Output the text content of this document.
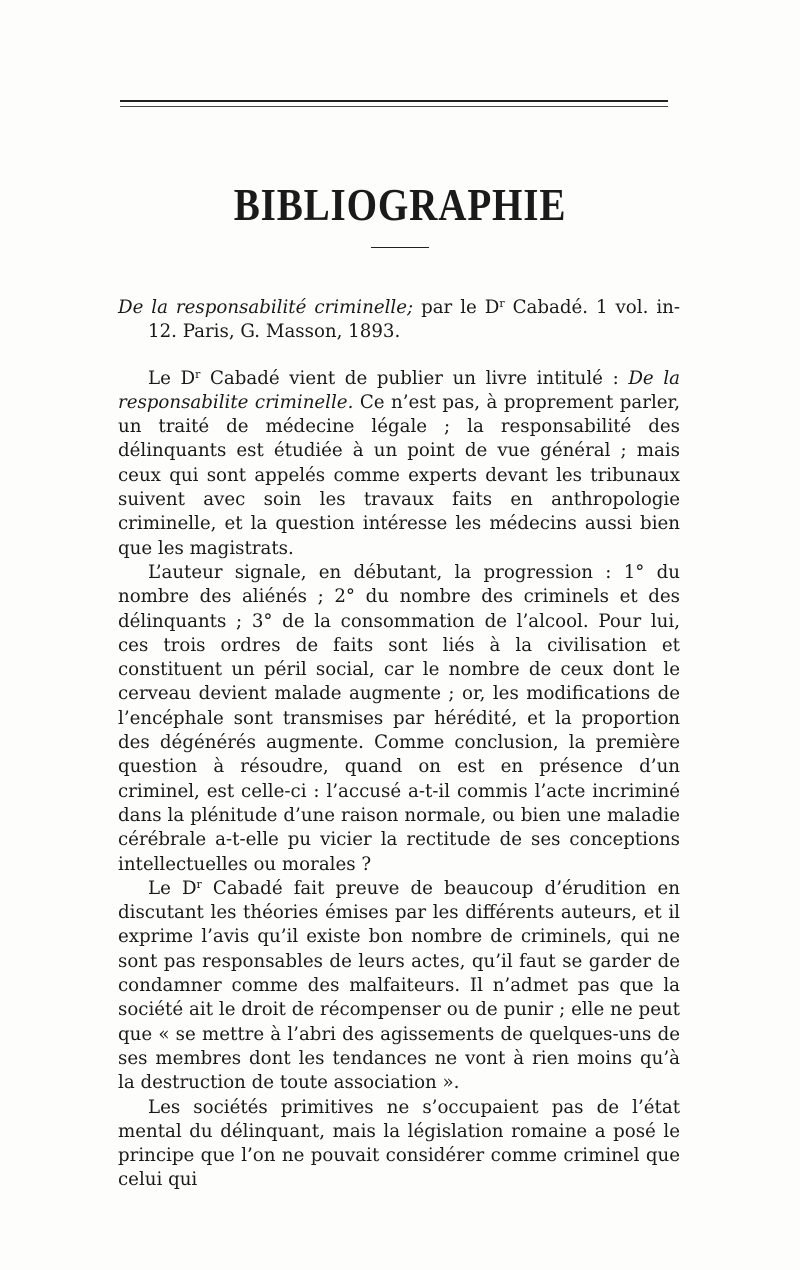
BIBLIOGRAPHIE

De la responsabilité criminelle; par le $D^r$ Cabadé. 1 vol. in-12. Paris, G. Masson, 1893.

Le $D^r$ Cabadé vient de publier un livre intitulé : De la responsabilite criminelle. Ce n’est pas, à proprement parler, un traité de médecine légale ; la responsabilité des délinquants est étudiée à un point de vue général ; mais ceux qui sont appelés comme experts devant les tribunaux suivent avec soin les travaux faits en anthropologie criminelle, et la question intéresse les médecins aussi bien que les magistrats.

L’auteur signale, en débutant, la progression : 1° du nombre des aliénés ; 2° du nombre des criminels et des délinquants ; 3° de la consommation de l’alcool. Pour lui, ces trois ordres de faits sont liés à la civilisation et constituent un péril social, car le nombre de ceux dont le cerveau devient malade augmente ; or, les modifications de l’encéphale sont transmises par hérédité, et la proportion des dégénérés augmente. Comme conclusion, la première question à résoudre, quand on est en présence d’un criminel, est celle-ci : l’accusé a-t-il commis l’acte incriminé dans la plénitude d’une raison normale, ou bien une maladie cérébrale a-t-elle pu vicier la rectitude de ses conceptions intellectuelles ou morales ?

Le $D^r$ Cabadé fait preuve de beaucoup d’érudition en discutant les théories émises par les différents auteurs, et il exprime l’avis qu’il existe bon nombre de criminels, qui ne sont pas responsables de leurs actes, qu’il faut se garder de condamner comme des malfaiteurs. Il n’admet pas que la société ait le droit de récompenser ou de punir ; elle ne peut que « se mettre à l’abri des agissements de quelques-uns de ses membres dont les tendances ne vont à rien moins qu’à la destruction de toute association ».

Les sociétés primitives ne s’occupaient pas de l’état mental du délinquant, mais la législation romaine a posé le principe que l’on ne pouvait considérer comme criminel que celui qui
